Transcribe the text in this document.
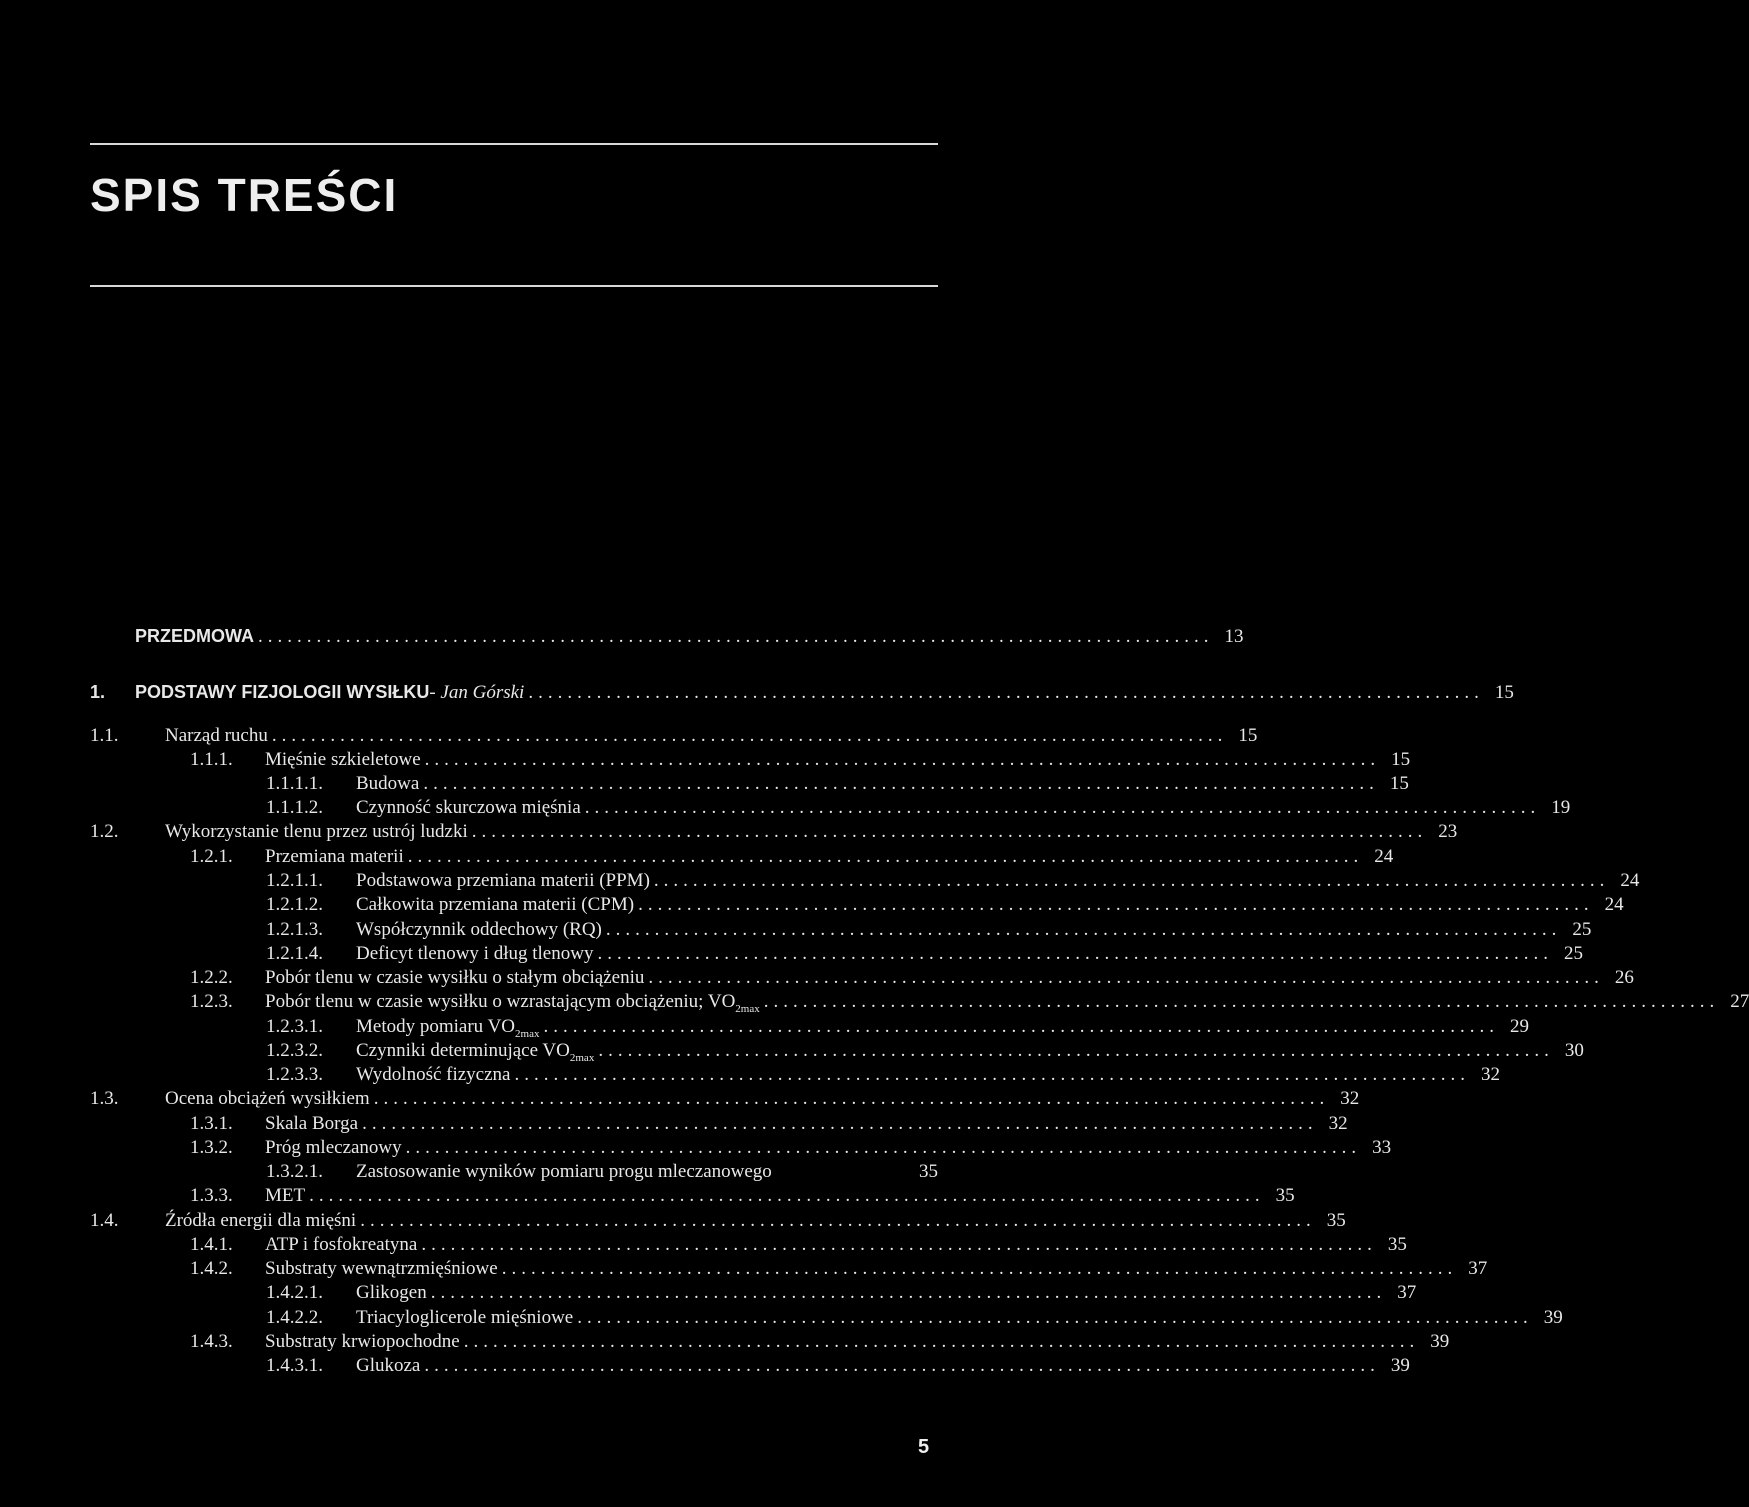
SPIS TREŚCI
PRZEDMOWA .................................................................................................. 13
1.	PODSTAWY FIZJOLOGII WYSIŁKU - Jan Górski .................................................................................................. 15
1.1.	Narząd ruchu .................................................................................................. 15
1.1.1.	Mięśnie szkieletowe .................................................................................................. 15
1.1.1.1.	Budowa .................................................................................................. 15
1.1.1.2.	Czynność skurczowa mięśnia .................................................................................................. 19
1.2.	Wykorzystanie tlenu przez ustrój ludzki .................................................................................................. 23
1.2.1.	Przemiana materii .................................................................................................. 24
1.2.1.1.	Podstawowa przemiana materii (PPM) .................................................................................................. 24
1.2.1.2.	Całkowita przemiana materii (CPM) .................................................................................................. 24
1.2.1.3.	Współczynnik oddechowy (RQ) .................................................................................................. 25
1.2.1.4.	Deficyt tlenowy i dług tlenowy .................................................................................................. 25
1.2.2.	Pobór tlenu w czasie wysiłku o stałym obciążeniu .................................................................................................. 26
1.2.3.	Pobór tlenu w czasie wysiłku o wzrastającym obciążeniu; $VO_{2max}$ .................................................................................................. 27
1.2.3.1.	Metody pomiaru $VO_{2max}$ .................................................................................................. 29
1.2.3.2.	Czynniki determinujące $VO_{2max}$ .................................................................................................. 30
1.2.3.3.	Wydolność fizyczna .................................................................................................. 32
1.3.	Ocena obciążeń wysiłkiem .................................................................................................. 32
1.3.1.	Skala Borga .................................................................................................. 32
1.3.2.	Próg mleczanowy .................................................................................................. 33
1.3.2.1.	Zastosowanie wyników pomiaru progu mleczanowego	35
1.3.3.	MET .................................................................................................. 35
1.4.	Źródła energii dla mięśni .................................................................................................. 35
1.4.1.	ATP i fosfokreatyna .................................................................................................. 35
1.4.2.	Substraty wewnątrzmięśniowe .................................................................................................. 37
1.4.2.1.	Glikogen .................................................................................................. 37
1.4.2.2.	Triacyloglicerole mięśniowe .................................................................................................. 39
1.4.3.	Substraty krwiopochodne .................................................................................................. 39
1.4.3.1.	Glukoza .................................................................................................. 39
5
